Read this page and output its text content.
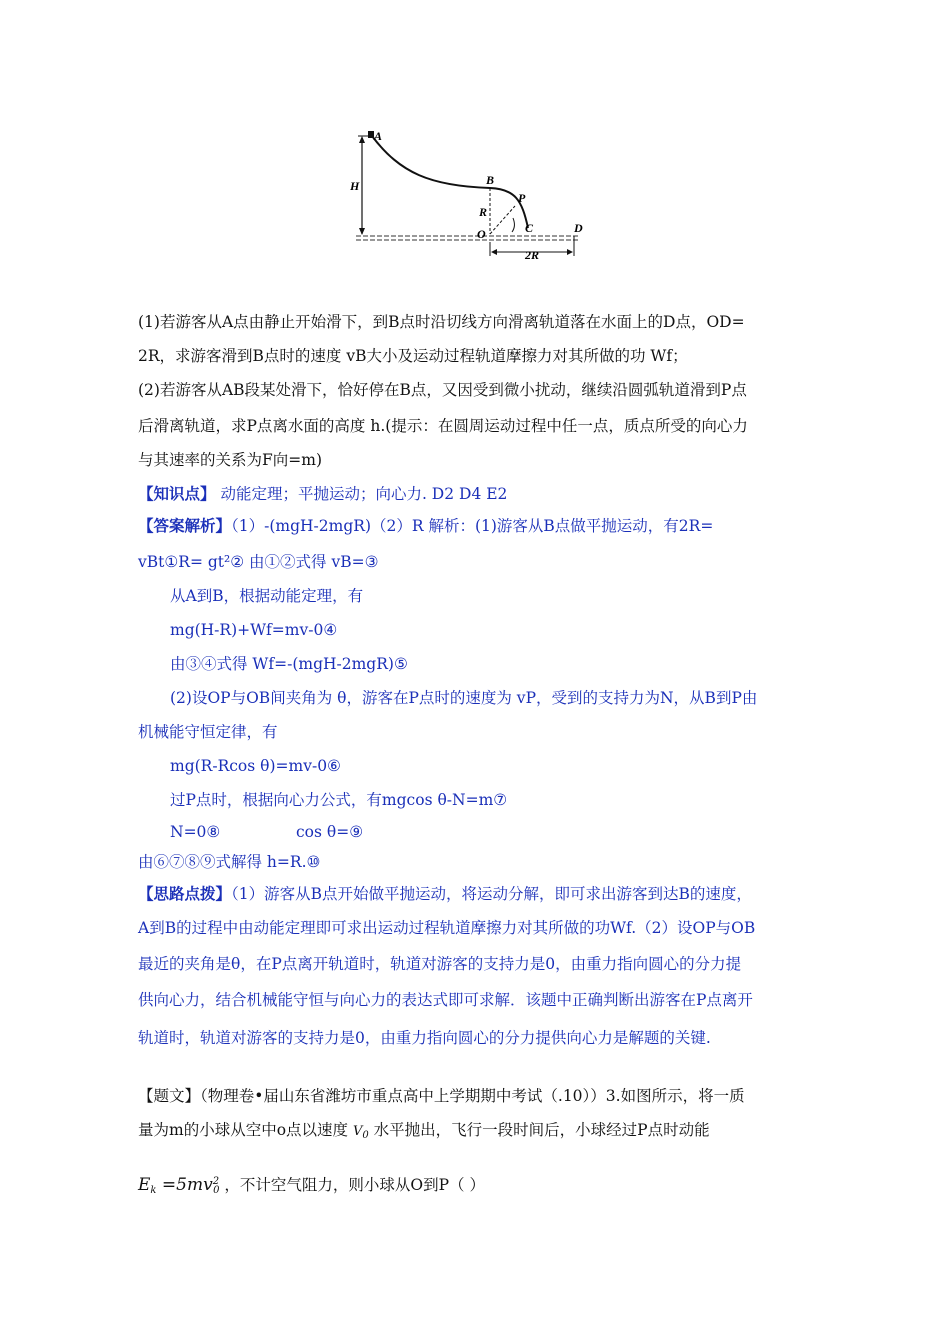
A
H	B
P
R
C
O	D
2R
(1)若游客从A点由静止开始滑下，到B点时沿切线方向滑离轨道落在水面上的D点，OD=
2R，求游客滑到B点时的速度 vB大小及运动过程轨道摩擦力对其所做的功 Wf；
(2)若游客从AB段某处滑下，恰好停在B点，又因受到微小扰动，继续沿圆弧轨道滑到P点
后滑离轨道，求P点离水面的高度 h.(提示：在圆周运动过程中任一点，质点所受的向心力
与其速率的关系为F向=m)
【知识点】 动能定理；平抛运动；向心力. D2 D4 E2
【答案解析】（1）-(mgH-2mgR)（2）R 解析：(1)游客从B点做平抛运动，有2R=
vBt①R= gt²② 由①②式得 vB=③
从A到B，根据动能定理，有
mg(H-R)+Wf=mv-0④
由③④式得 Wf=-(mgH-2mgR)⑤
(2)设OP与OB间夹角为 θ，游客在P点时的速度为 vP，受到的支持力为N，从B到P由
机械能守恒定律，有
mg(R-Rcos θ)=mv-0⑥
过P点时，根据向心力公式，有mgcos θ-N=m⑦
N=0⑧	cos θ=⑨
由⑥⑦⑧⑨式解得 h=R.⑩
【思路点拨】（1）游客从B点开始做平抛运动，将运动分解，即可求出游客到达B的速度，
A到B的过程中由动能定理即可求出运动过程轨道摩擦力对其所做的功Wf.（2）设OP与OB
最近的夹角是θ，在P点离开轨道时，轨道对游客的支持力是0，由重力指向圆心的分力提
供向心力，结合机械能守恒与向心力的表达式即可求解．该题中正确判断出游客在P点离开
轨道时，轨道对游客的支持力是0，由重力指向圆心的分力提供向心力是解题的关键.
【题文】（物理卷•届山东省潍坊市重点高中上学期期中考试（.10））3.如图所示，将一质
量为m的小球从空中o点以速度 $V_0$ 水平抛出，飞行一段时间后，小球经过P点时动能
$E_k =5mv^2_0$ ，不计空气阻力，则小球从O到P（ ）
